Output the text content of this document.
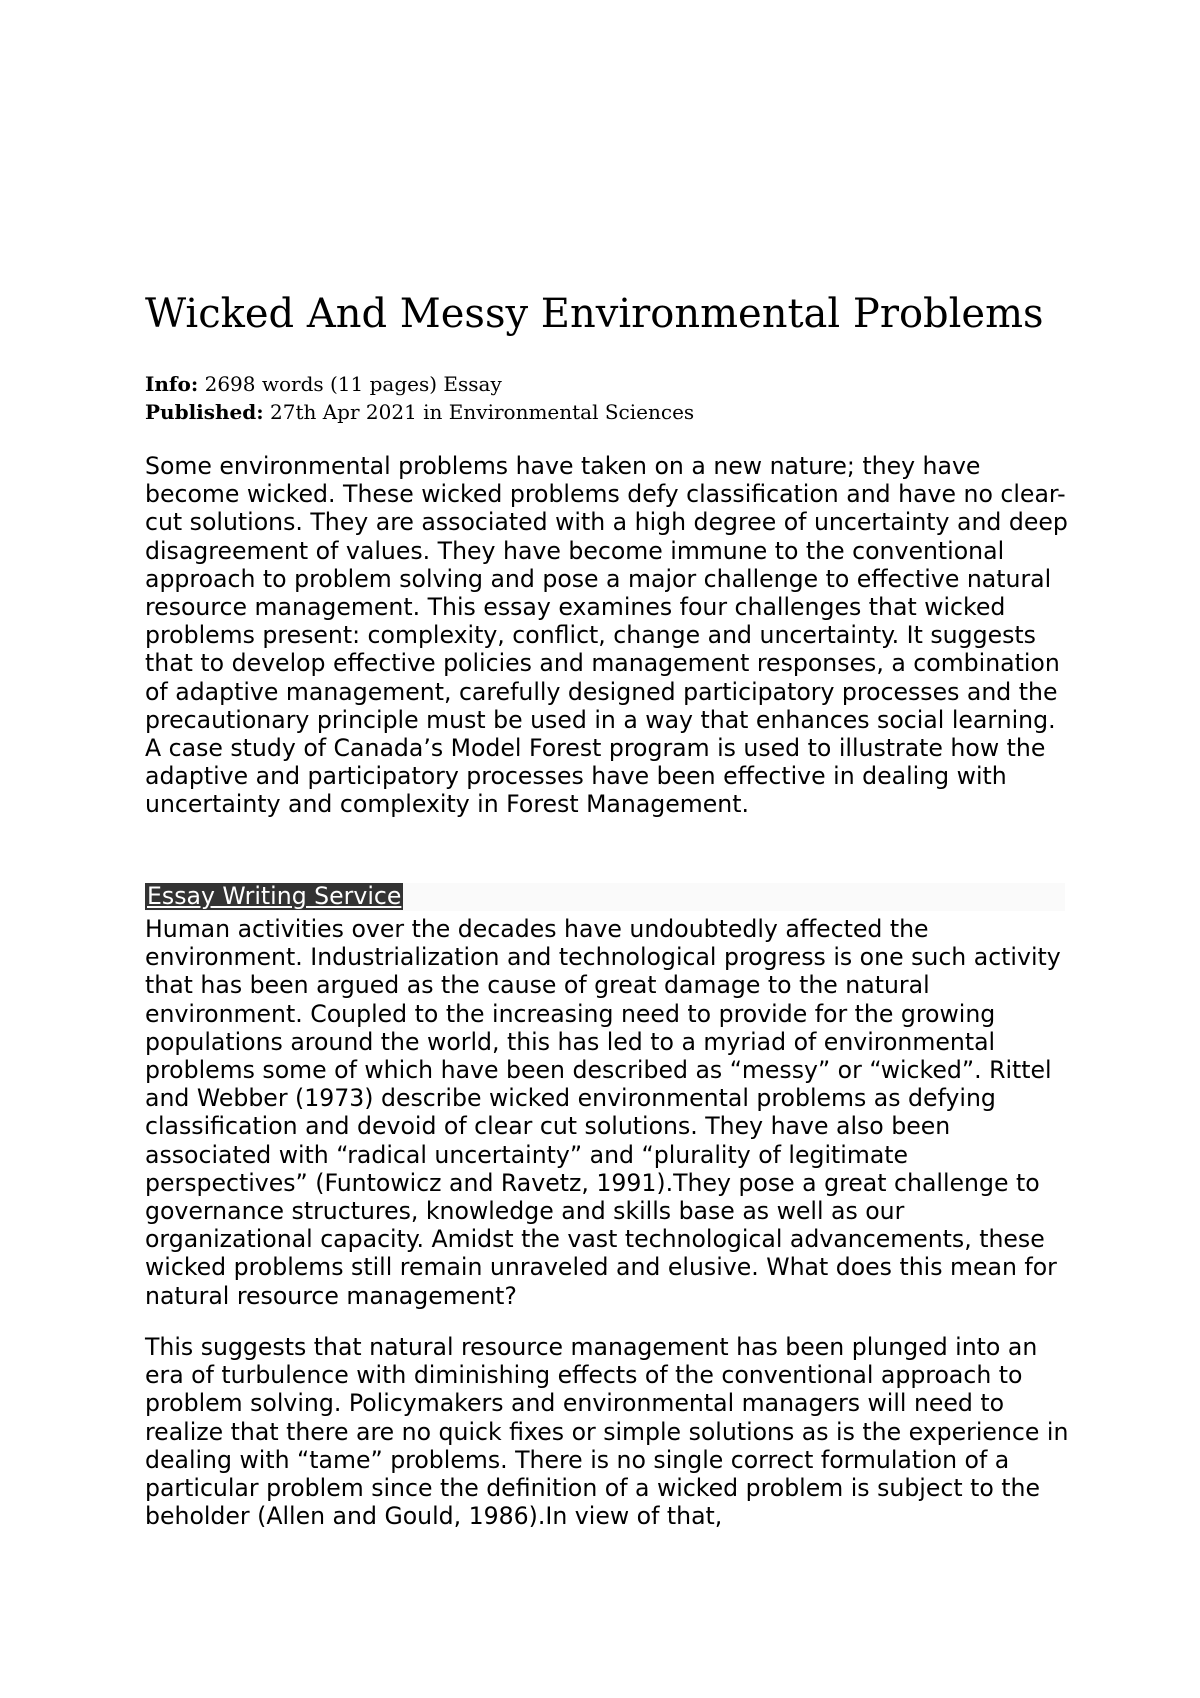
Wicked And Messy Environmental Problems
Info: 2698 words (11 pages) Essay
Published: 27th Apr 2021 in Environmental Sciences

Some environmental problems have taken on a new nature; they have become wicked. These wicked problems defy classification and have no clear-cut solutions. They are associated with a high degree of uncertainty and deep disagreement of values. They have become immune to the conventional approach to problem solving and pose a major challenge to effective natural resource management. This essay examines four challenges that wicked problems present: complexity, conflict, change and uncertainty. It suggests that to develop effective policies and management responses, a combination of adaptive management, carefully designed participatory processes and the precautionary principle must be used in a way that enhances social learning. A case study of Canada’s Model Forest program is used to illustrate how the adaptive and participatory processes have been effective in dealing with uncertainty and complexity in Forest Management.

Essay Writing Service

Human activities over the decades have undoubtedly affected the environment. Industrialization and technological progress is one such activity that has been argued as the cause of great damage to the natural environment. Coupled to the increasing need to provide for the growing populations around the world, this has led to a myriad of environmental problems some of which have been described as “messy” or “wicked”. Rittel and Webber (1973) describe wicked environmental problems as defying classification and devoid of clear cut solutions. They have also been associated with “radical uncertainty” and “plurality of legitimate perspectives” (Funtowicz and Ravetz, 1991).They pose a great challenge to governance structures, knowledge and skills base as well as our organizational capacity. Amidst the vast technological advancements, these wicked problems still remain unraveled and elusive. What does this mean for natural resource management?

This suggests that natural resource management has been plunged into an era of turbulence with diminishing effects of the conventional approach to problem solving. Policymakers and environmental managers will need to realize that there are no quick fixes or simple solutions as is the experience in dealing with “tame” problems. There is no single correct formulation of a particular problem since the definition of a wicked problem is subject to the beholder (Allen and Gould, 1986).In view of that,
